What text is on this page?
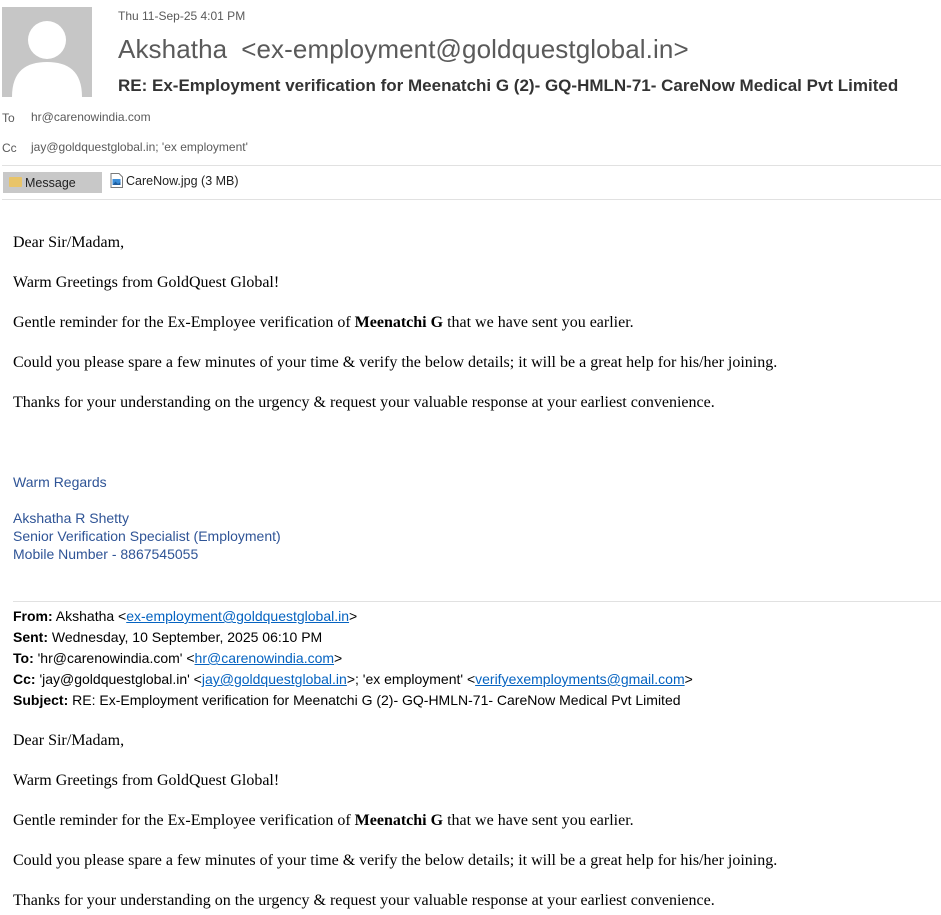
Thu 11-Sep-25 4:01 PM
Akshatha <ex-employment@goldquestglobal.in>
RE: Ex-Employment verification for Meenatchi G (2)- GQ-HMLN-71- CareNow Medical Pvt Limited
To hr@carenowindia.com
Cc jay@goldquestglobal.in; 'ex employment'
Message	CareNow.jpg (3 MB)
Dear Sir/Madam,
Warm Greetings from GoldQuest Global!
Gentle reminder for the Ex-Employee verification of Meenatchi G that we have sent you earlier.
Could you please spare a few minutes of your time & verify the below details; it will be a great help for his/her joining.
Thanks for your understanding on the urgency & request your valuable response at your earliest convenience.
Warm Regards
Akshatha R Shetty
Senior Verification Specialist (Employment)
Mobile Number - 8867545055
From: Akshatha <ex-employment@goldquestglobal.in>
Sent: Wednesday, 10 September, 2025 06:10 PM
To: 'hr@carenowindia.com' <hr@carenowindia.com>
Cc: 'jay@goldquestglobal.in' <jay@goldquestglobal.in>; 'ex employment' <verifyexemployments@gmail.com>
Subject: RE: Ex-Employment verification for Meenatchi G (2)- GQ-HMLN-71- CareNow Medical Pvt Limited
Dear Sir/Madam,
Warm Greetings from GoldQuest Global!
Gentle reminder for the Ex-Employee verification of Meenatchi G that we have sent you earlier.
Could you please spare a few minutes of your time & verify the below details; it will be a great help for his/her joining.
Thanks for your understanding on the urgency & request your valuable response at your earliest convenience.
